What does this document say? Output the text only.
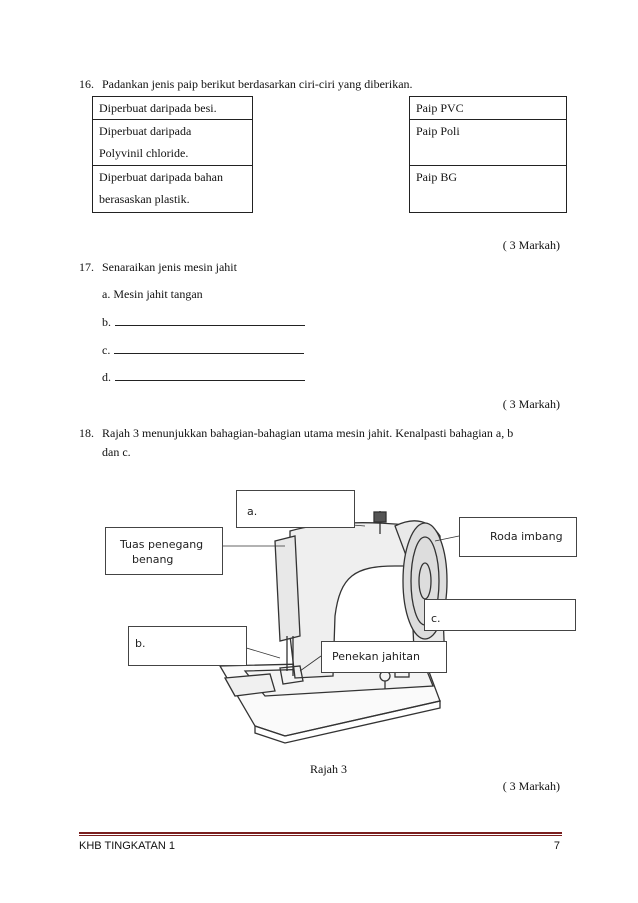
16. Padankan jenis paip berikut berdasarkan ciri-ciri yang diberikan.
Diperbuat daripada besi.
Diperbuat daripada
Polyvinil chloride.
Diperbuat daripada bahan
berasaskan plastik.
Paip PVC
Paip Poli
Paip BG
( 3 Markah)
17. Senaraikan jenis mesin jahit
a. Mesin jahit tangan
b.
c.
d.
( 3 Markah)
18. Rajah 3 menunjukkan bahagian-bahagian utama mesin jahit. Kenalpasti bahagian a, b
dan c.
a.
Tuas penegang
benang
Roda imbang
c.
b.
Penekan jahitan
Rajah 3
( 3 Markah)
KHB TINGKATAN 1	7
